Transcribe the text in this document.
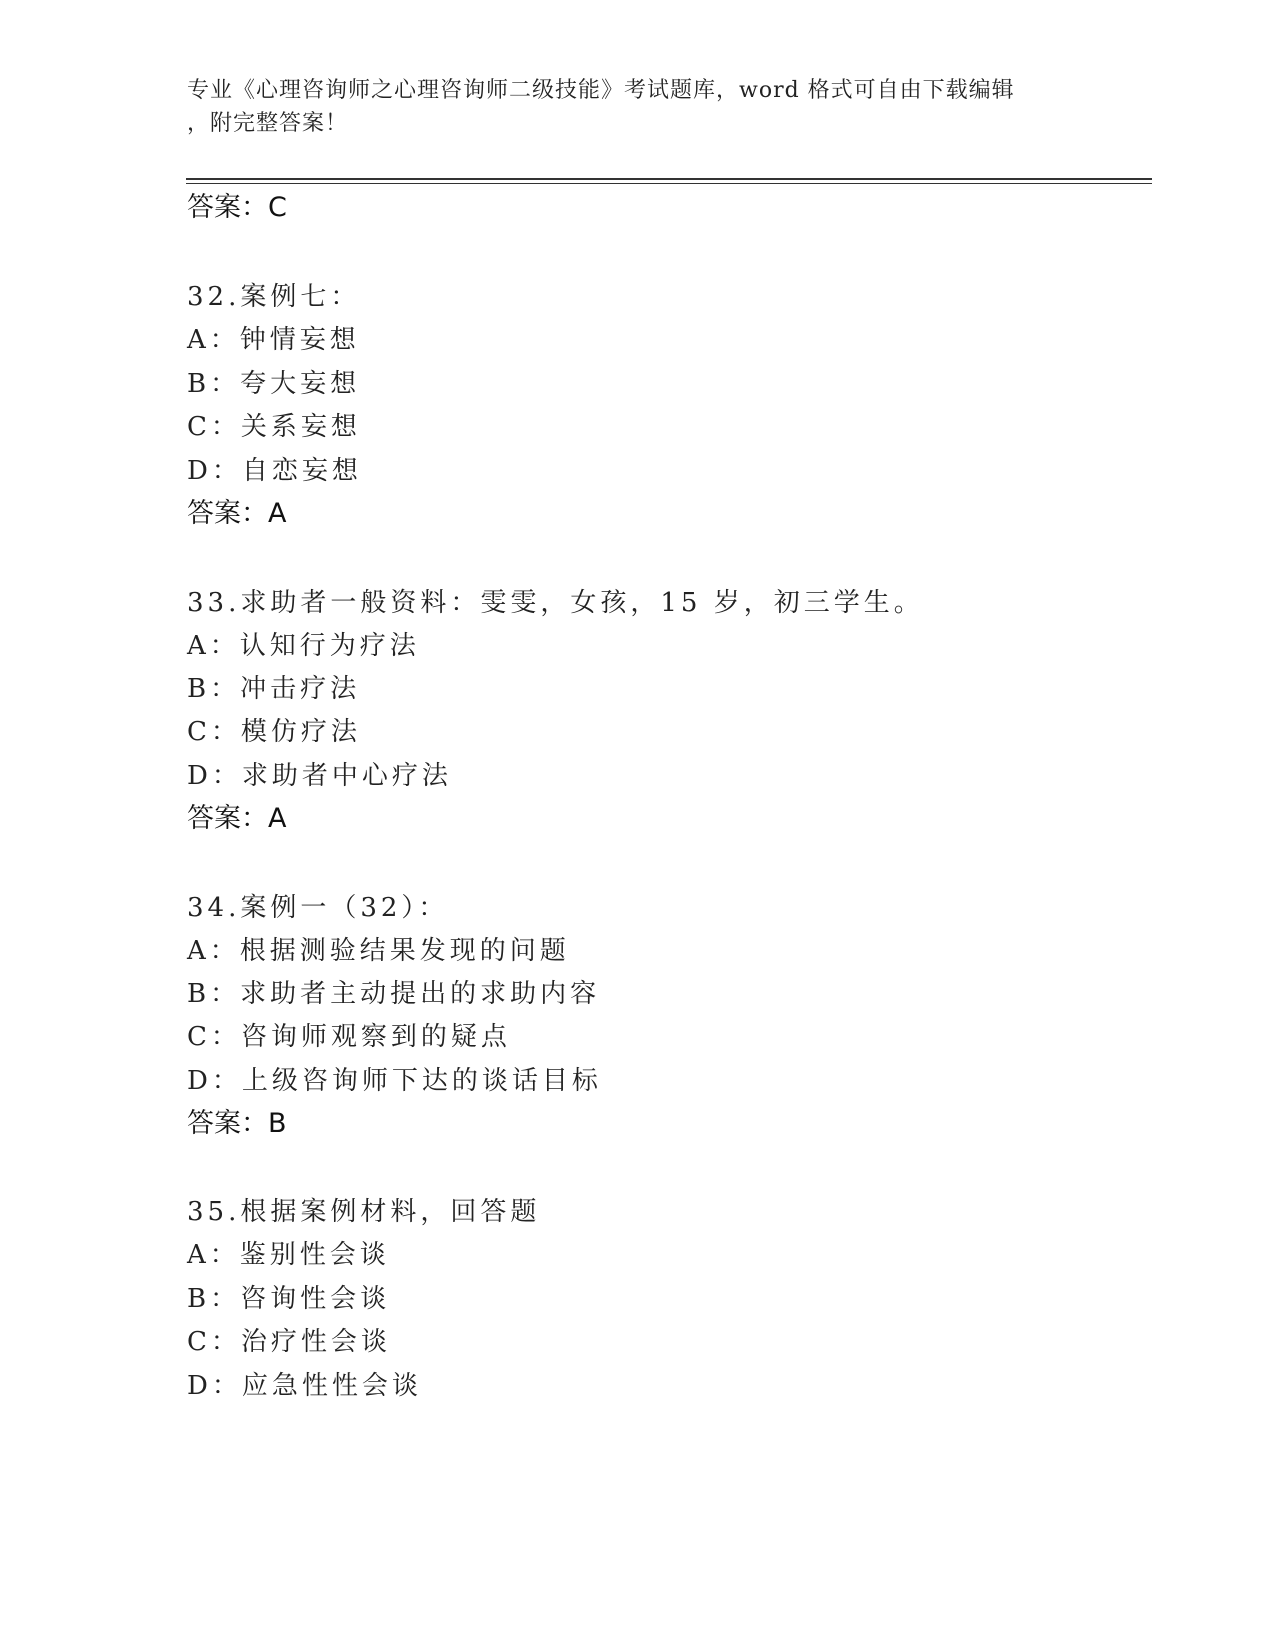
专业《心理咨询师之心理咨询师二级技能》考试题库，word 格式可自由下载编辑
，附完整答案！
答案：C
32.案例七：
A：钟情妄想
B：夸大妄想
C：关系妄想
D：自恋妄想
答案：A
33.求助者一般资料：雯雯，女孩，15 岁，初三学生。
A：认知行为疗法
B：冲击疗法
C：模仿疗法
D：求助者中心疗法
答案：A
34.案例一（32）：
A：根据测验结果发现的问题
B：求助者主动提出的求助内容
C：咨询师观察到的疑点
D：上级咨询师下达的谈话目标
答案：B
35.根据案例材料，回答题
A：鉴别性会谈
B：咨询性会谈
C：治疗性会谈
D：应急性性会谈
